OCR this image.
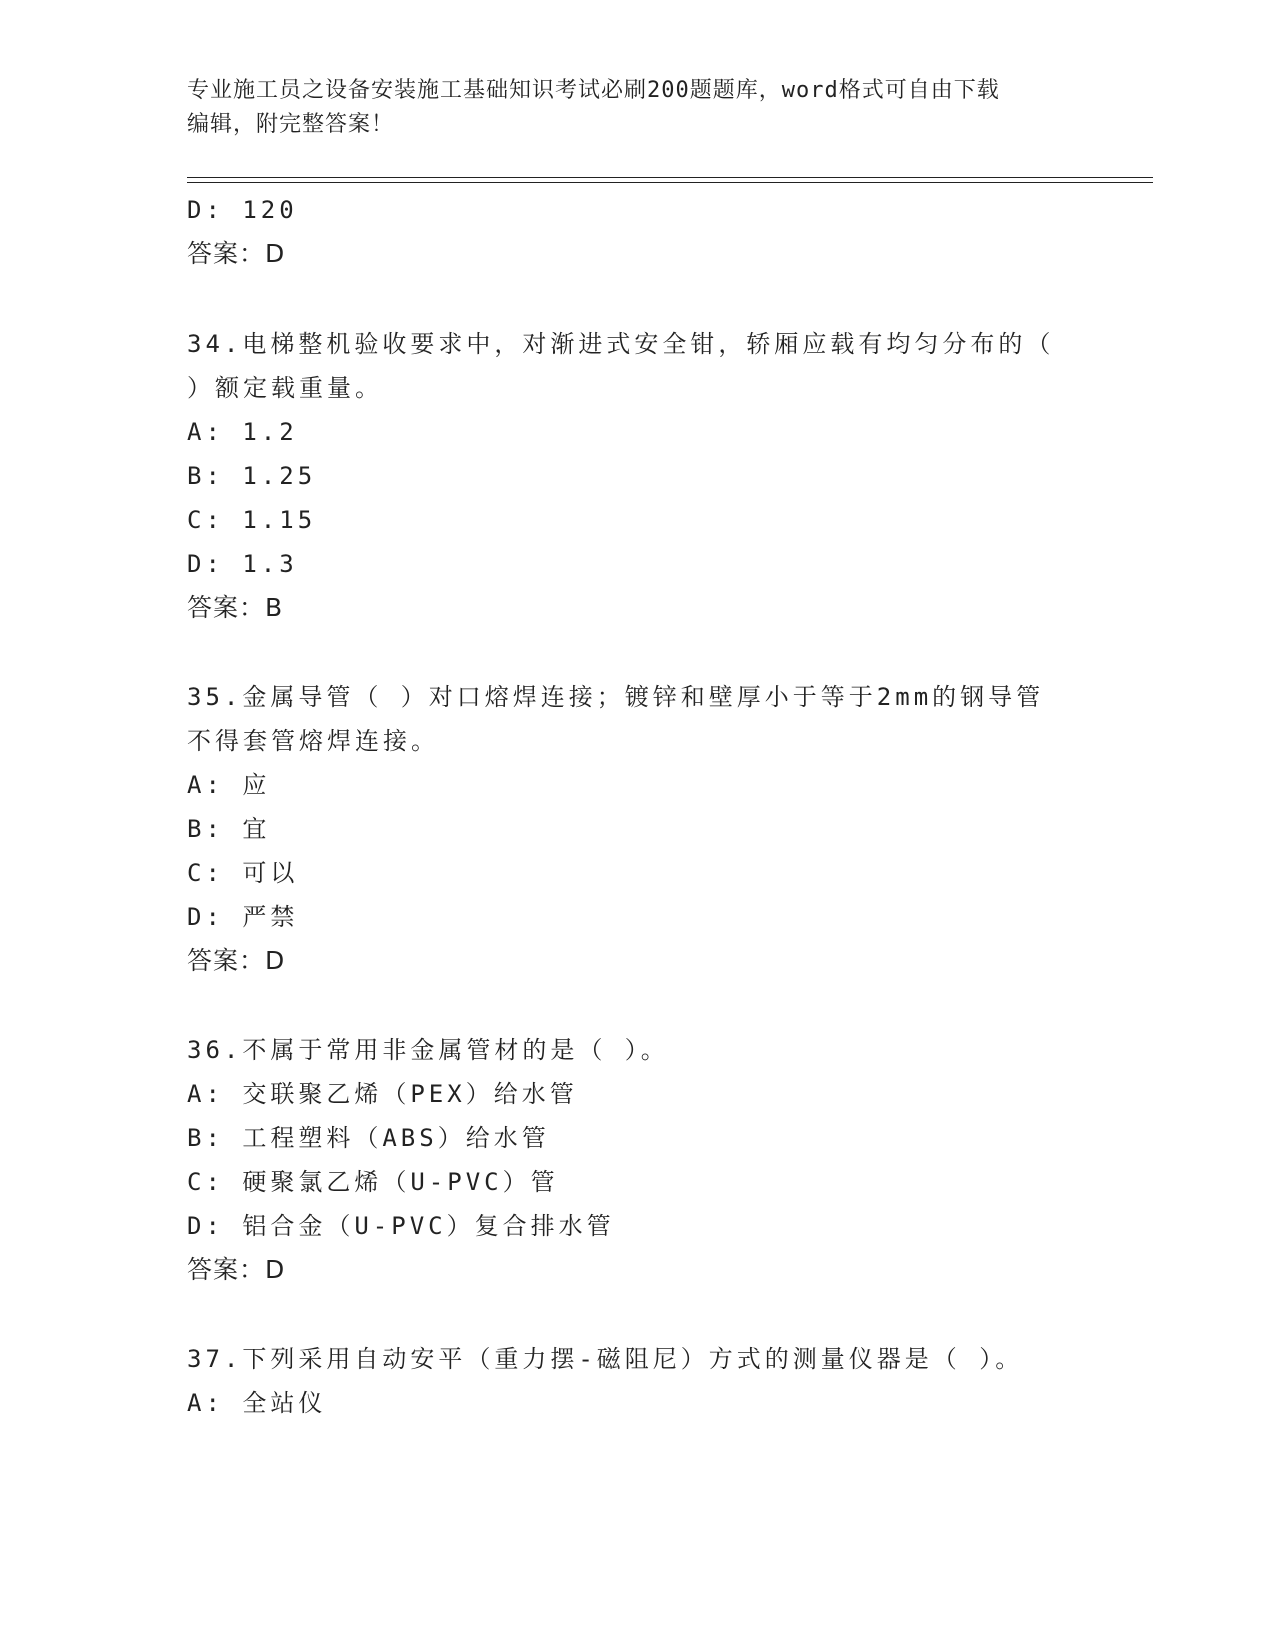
专业施工员之设备安装施工基础知识考试必刷200题题库，word格式可自由下载
编辑，附完整答案！
D: 120
答案：D
34.电梯整机验收要求中，对渐进式安全钳，轿厢应载有均匀分布的（
）额定载重量。
A: 1.2
B: 1.25
C: 1.15
D: 1.3
答案：B
35.金属导管（ ）对口熔焊连接；镀锌和壁厚小于等于2mm的钢导管
不得套管熔焊连接。
A: 应
B: 宜
C: 可以
D: 严禁
答案：D
36.不属于常用非金属管材的是（ ）。
A: 交联聚乙烯（PEX）给水管
B: 工程塑料（ABS）给水管
C: 硬聚氯乙烯（U-PVC）管
D: 铝合金（U-PVC）复合排水管
答案：D
37.下列采用自动安平（重力摆-磁阻尼）方式的测量仪器是（ ）。
A: 全站仪
